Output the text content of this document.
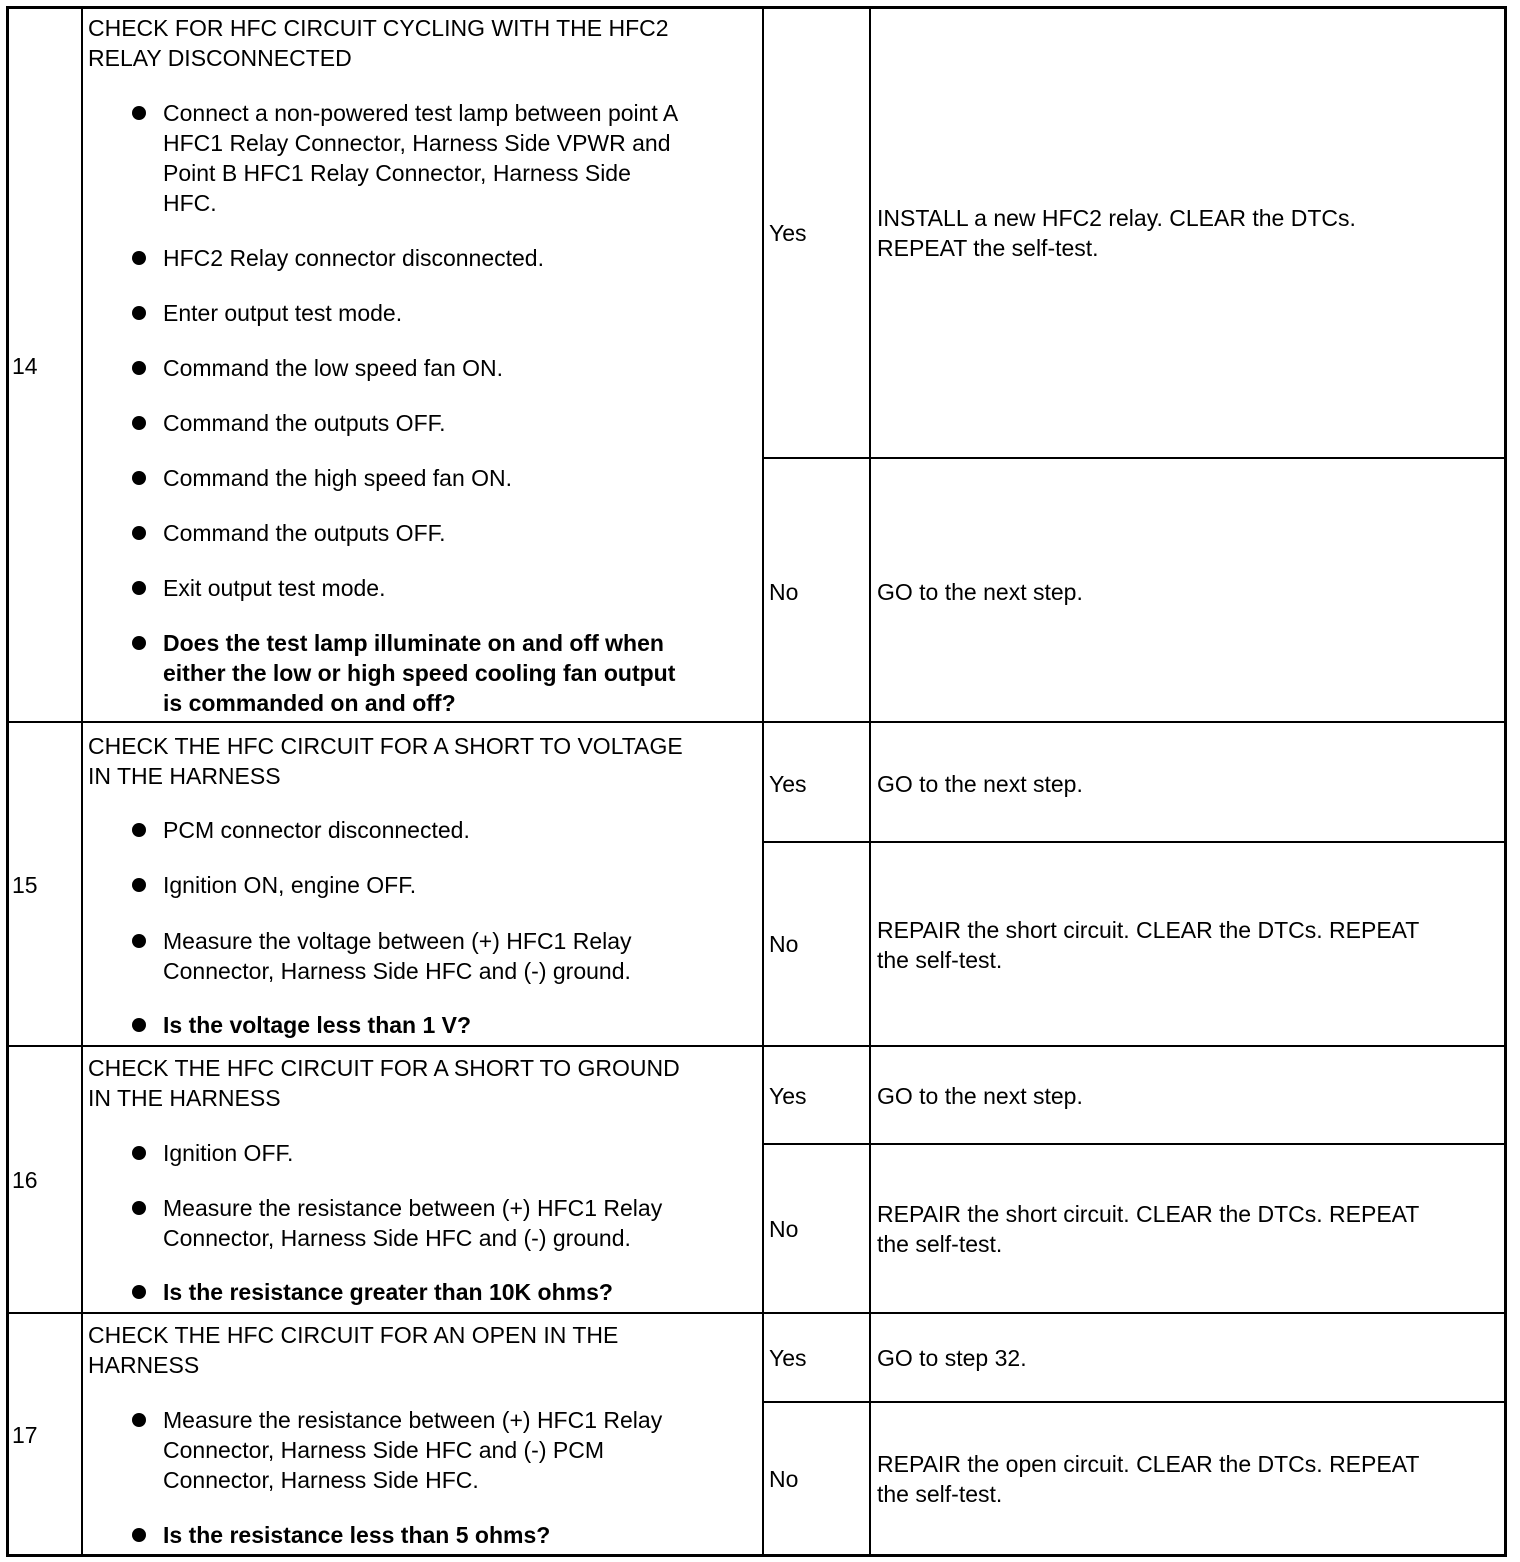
14
CHECK FOR HFC CIRCUIT CYCLING WITH THE HFC2
RELAY DISCONNECTED
Connect a non-powered test lamp between point A
HFC1 Relay Connector, Harness Side VPWR and
Point B HFC1 Relay Connector, Harness Side
HFC.
HFC2 Relay connector disconnected.
Enter output test mode.
Command the low speed fan ON.
Command the outputs OFF.
Command the high speed fan ON.
Command the outputs OFF.
Exit output test mode.
Does the test lamp illuminate on and off when
either the low or high speed cooling fan output
is commanded on and off?
Yes
INSTALL a new HFC2 relay. CLEAR the DTCs.
REPEAT the self-test.
No	GO to the next step.
15
CHECK THE HFC CIRCUIT FOR A SHORT TO VOLTAGE
IN THE HARNESS
PCM connector disconnected.
Ignition ON, engine OFF.
Measure the voltage between (+) HFC1 Relay
Connector, Harness Side HFC and (-) ground.
Is the voltage less than 1 V?
Yes	GO to the next step.
No
REPAIR the short circuit. CLEAR the DTCs. REPEAT
the self-test.
16
CHECK THE HFC CIRCUIT FOR A SHORT TO GROUND
IN THE HARNESS
Ignition OFF.
Measure the resistance between (+) HFC1 Relay
Connector, Harness Side HFC and (-) ground.
Is the resistance greater than 10K ohms?
Yes	GO to the next step.
No
REPAIR the short circuit. CLEAR the DTCs. REPEAT
the self-test.
17
CHECK THE HFC CIRCUIT FOR AN OPEN IN THE
HARNESS
Measure the resistance between (+) HFC1 Relay
Connector, Harness Side HFC and (-) PCM
Connector, Harness Side HFC.
Is the resistance less than 5 ohms?
Yes	GO to step 32.
No
REPAIR the open circuit. CLEAR the DTCs. REPEAT
the self-test.
